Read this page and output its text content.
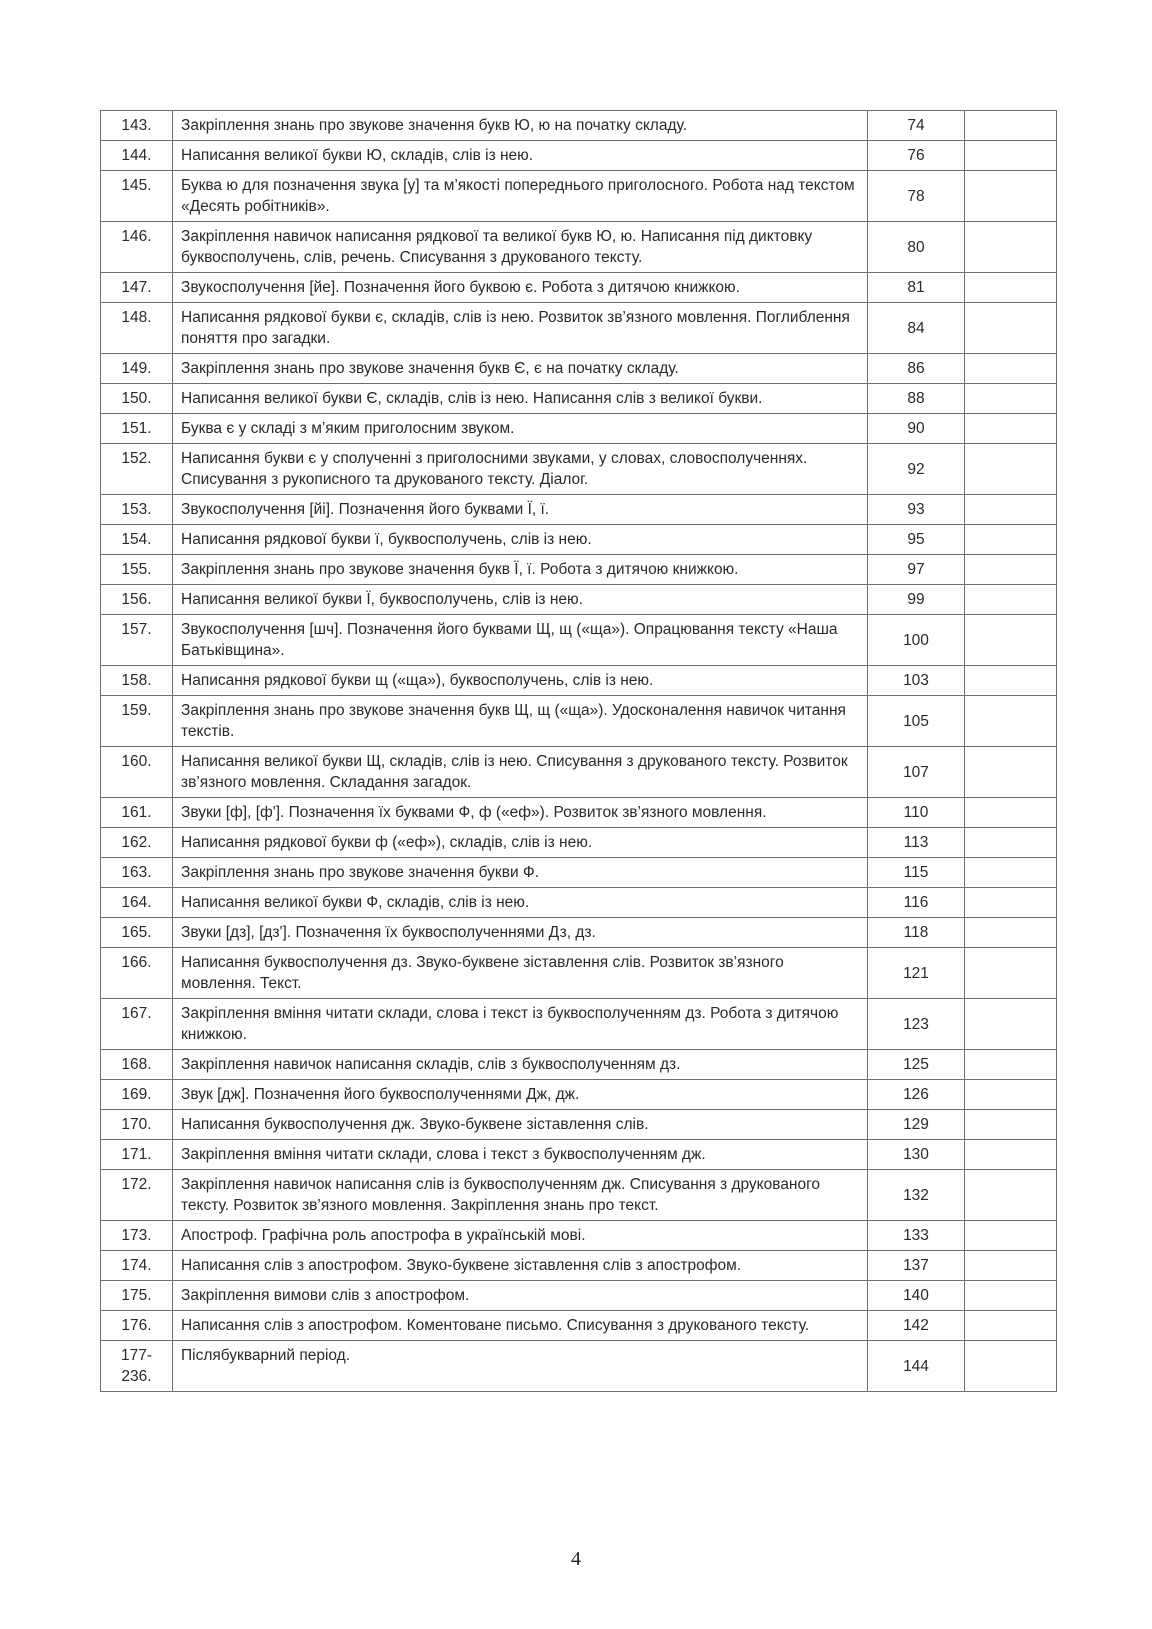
143.	Закріплення знань про звукове значення букв Ю, ю на початку складу.	74	
144.	Написання великої букви Ю, складів, слів із нею.	76	
145.	Буква ю для позначення звука [у] та м’якості попереднього приголосного. Робота над текстом «Десять робітників».	78	
146.	Закріплення навичок написання рядкової та великої букв Ю, ю. Написання під диктовку буквосполучень, слів, речень. Списування з друкованого тексту.	80	
147.	Звукосполучення [йе]. Позначення його буквою є. Робота з дитячою книжкою.	81	
148.	Написання рядкової букви є, складів, слів із нею. Розвиток зв’язного мовлення. Поглиблення поняття про загадки.	84	
149.	Закріплення знань про звукове значення букв Є, є на початку складу.	86	
150.	Написання великої букви Є, складів, слів із нею. Написання слів з великої букви.	88	
151.	Буква є у складі з м’яким приголосним звуком.	90	
152.	Написання букви є у сполученні з приголосними звуками, у словах, словосполученнях. Списування з рукописного та друкованого тексту. Діалог.	92	
153.	Звукосполучення [йі]. Позначення його буквами Ї, ї.	93	
154.	Написання рядкової букви ї, буквосполучень, слів із нею.	95	
155.	Закріплення знань про звукове значення букв Ї, ї. Робота з дитячою книжкою.	97	
156.	Написання великої букви Ї, буквосполучень, слів із нею.	99	
157.	Звукосполучення [шч]. Позначення його буквами Щ, щ («ща»). Опрацювання тексту «Наша Батьківщина».	100	
158.	Написання рядкової букви щ («ща»), буквосполучень, слів із нею.	103	
159.	Закріплення знань про звукове значення букв Щ, щ («ща»). Удосконалення навичок читання текстів.	105	
160.	Написання великої букви Щ, складів, слів із нею. Списування з друкованого тексту. Розвиток зв’язного мовлення. Складання загадок.	107	
161.	Звуки [ф], [ф']. Позначення їх буквами Ф, ф («еф»). Розвиток зв’язного мовлення.	110	
162.	Написання рядкової букви ф («еф»), складів, слів із нею.	113	
163.	Закріплення знань про звукове значення букви Ф.	115	
164.	Написання великої букви Ф, складів, слів із нею.	116	
165.	Звуки [дз], [дз']. Позначення їх буквосполученнями Дз, дз.	118	
166.	Написання буквосполучення дз. Звуко-буквене зіставлення слів. Розвиток зв’язного мовлення. Текст.	121	
167.	Закріплення вміння читати склади, слова і текст із буквосполученням дз. Робота з дитячою книжкою.	123	
168.	Закріплення навичок написання складів, слів з буквосполученням дз.	125	
169.	Звук [дж]. Позначення його буквосполученнями Дж, дж.	126	
170.	Написання буквосполучення дж. Звуко-буквене зіставлення слів.	129	
171.	Закріплення вміння читати склади, слова і текст з буквосполученням дж.	130	
172.	Закріплення навичок написання слів із буквосполученням дж. Списування з друкованого тексту. Розвиток зв’язного мовлення. Закріплення знань про текст.	132	
173.	Апостроф. Графічна роль апострофа в українській мові.	133	
174.	Написання слів з апострофом. Звуко-буквене зіставлення слів з апострофом.	137	
175.	Закріплення вимови слів з апострофом.	140	
176.	Написання слів з апострофом. Коментоване письмо. Списування з друкованого тексту.	142	
177-236.	Післябукварний період.	144	
4
